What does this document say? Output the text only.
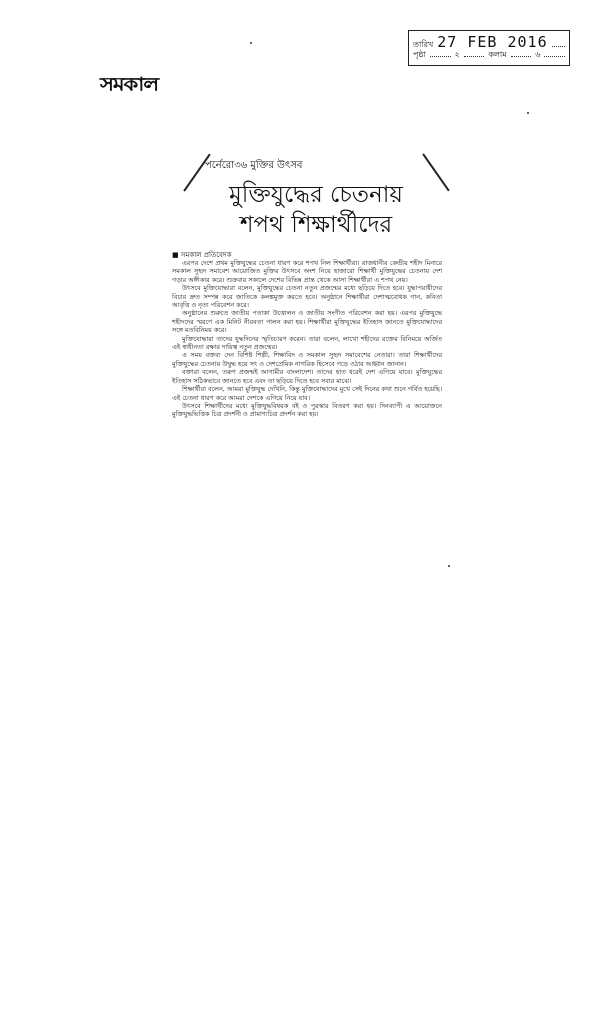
সমকাল
তারিখ 27 FEB 2016
পৃষ্ঠা	২	কলাম	৬
পর্নেরো৩৬ মুক্তির উৎসব
মুক্তিযুদ্ধের চেতনায়
শপথ শিক্ষার্থীদের
■ সমকাল প্রতিবেদক

এরপর দেশে প্রথম মুক্তিযুদ্ধের চেতনা ধারণ করে শপথ নিল শিক্ষার্থীরা। রাজধানীর কেন্দ্রীয় শহীদ মিনারে সমকাল সুহৃদ সমাবেশ আয়োজিত মুক্তির উৎসবে অংশ নিয়ে হাজারো শিক্ষার্থী মুক্তিযুদ্ধের চেতনায় দেশ গড়ার অঙ্গীকার করে। শুক্রবার সকালে দেশের বিভিন্ন প্রান্ত থেকে আসা শিক্ষার্থীরা এ শপথ নেয়।

উৎসবে মুক্তিযোদ্ধারা বলেন, মুক্তিযুদ্ধের চেতনা নতুন প্রজন্মের মধ্যে ছড়িয়ে দিতে হবে। যুদ্ধাপরাধীদের বিচার দ্রুত সম্পন্ন করে জাতিকে কলঙ্কমুক্ত করতে হবে। অনুষ্ঠানে শিক্ষার্থীরা দেশাত্মবোধক গান, কবিতা আবৃত্তি ও নৃত্য পরিবেশন করে।

অনুষ্ঠানের শুরুতে জাতীয় পতাকা উত্তোলন ও জাতীয় সংগীত পরিবেশন করা হয়। এরপর মুক্তিযুদ্ধে শহীদদের স্মরণে এক মিনিট নীরবতা পালন করা হয়। শিক্ষার্থীরা মুক্তিযুদ্ধের ইতিহাস জানতে মুক্তিযোদ্ধাদের সঙ্গে মতবিনিময় করে।

মুক্তিযোদ্ধারা তাদের যুদ্ধদিনের স্মৃতিচারণ করেন। তারা বলেন, লাখো শহীদের রক্তের বিনিময়ে অর্জিত এই স্বাধীনতা রক্ষার দায়িত্ব নতুন প্রজন্মের।

এ সময় বক্তব্য দেন বিশিষ্ট শিল্পী, শিক্ষাবিদ ও সমকাল সুহৃদ সমাবেশের নেতারা। তারা শিক্ষার্থীদের মুক্তিযুদ্ধের চেতনায় উদ্বুদ্ধ হয়ে সৎ ও দেশপ্রেমিক নাগরিক হিসেবে গড়ে ওঠার আহ্বান জানান।

বক্তারা বলেন, তরুণ প্রজন্মই আগামীর বাংলাদেশ। তাদের হাত ধরেই দেশ এগিয়ে যাবে। মুক্তিযুদ্ধের ইতিহাস সঠিকভাবে জানতে হবে এবং তা ছড়িয়ে দিতে হবে সবার মাঝে।

শিক্ষার্থীরা বলেন, আমরা মুক্তিযুদ্ধ দেখিনি, কিন্তু মুক্তিযোদ্ধাদের মুখে সেই দিনের কথা শুনে গর্বিত হয়েছি। এই চেতনা ধারণ করে আমরা দেশকে এগিয়ে নিয়ে যাব।

উৎসবে শিক্ষার্থীদের মধ্যে মুক্তিযুদ্ধবিষয়ক বই ও পুরস্কার বিতরণ করা হয়। দিনব্যাপী এ আয়োজনে মুক্তিযুদ্ধভিত্তিক চিত্র প্রদর্শনী ও প্রামাণ্যচিত্র প্রদর্শন করা হয়।
